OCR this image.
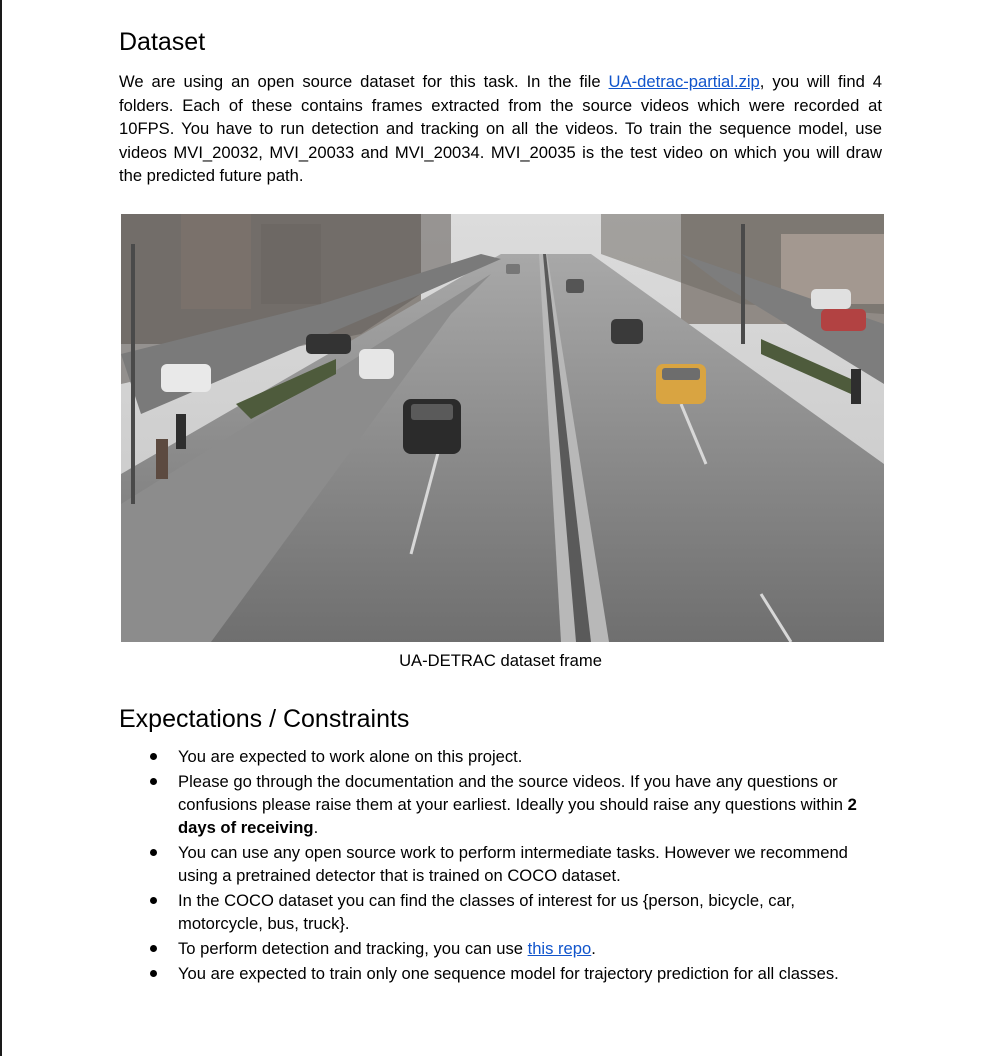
Dataset

We are using an open source dataset for this task. In the file UA-detrac-partial.zip, you will find 4 folders. Each of these contains frames extracted from the source videos which were recorded at 10FPS. You have to run detection and tracking on all the videos. To train the sequence model, use videos MVI_20032, MVI_20033 and MVI_20034. MVI_20035 is the test video on which you will draw the predicted future path.

UA-DETRAC dataset frame
Expectations / Constraints
You are expected to work alone on this project.
Please go through the documentation and the source videos. If you have any questions or confusions please raise them at your earliest. Ideally you should raise any questions within 2 days of receiving.
You can use any open source work to perform intermediate tasks. However we recommend using a pretrained detector that is trained on COCO dataset.
In the COCO dataset you can find the classes of interest for us {person, bicycle, car, motorcycle, bus, truck}.
To perform detection and tracking, you can use this repo.
You are expected to train only one sequence model for trajectory prediction for all classes.
